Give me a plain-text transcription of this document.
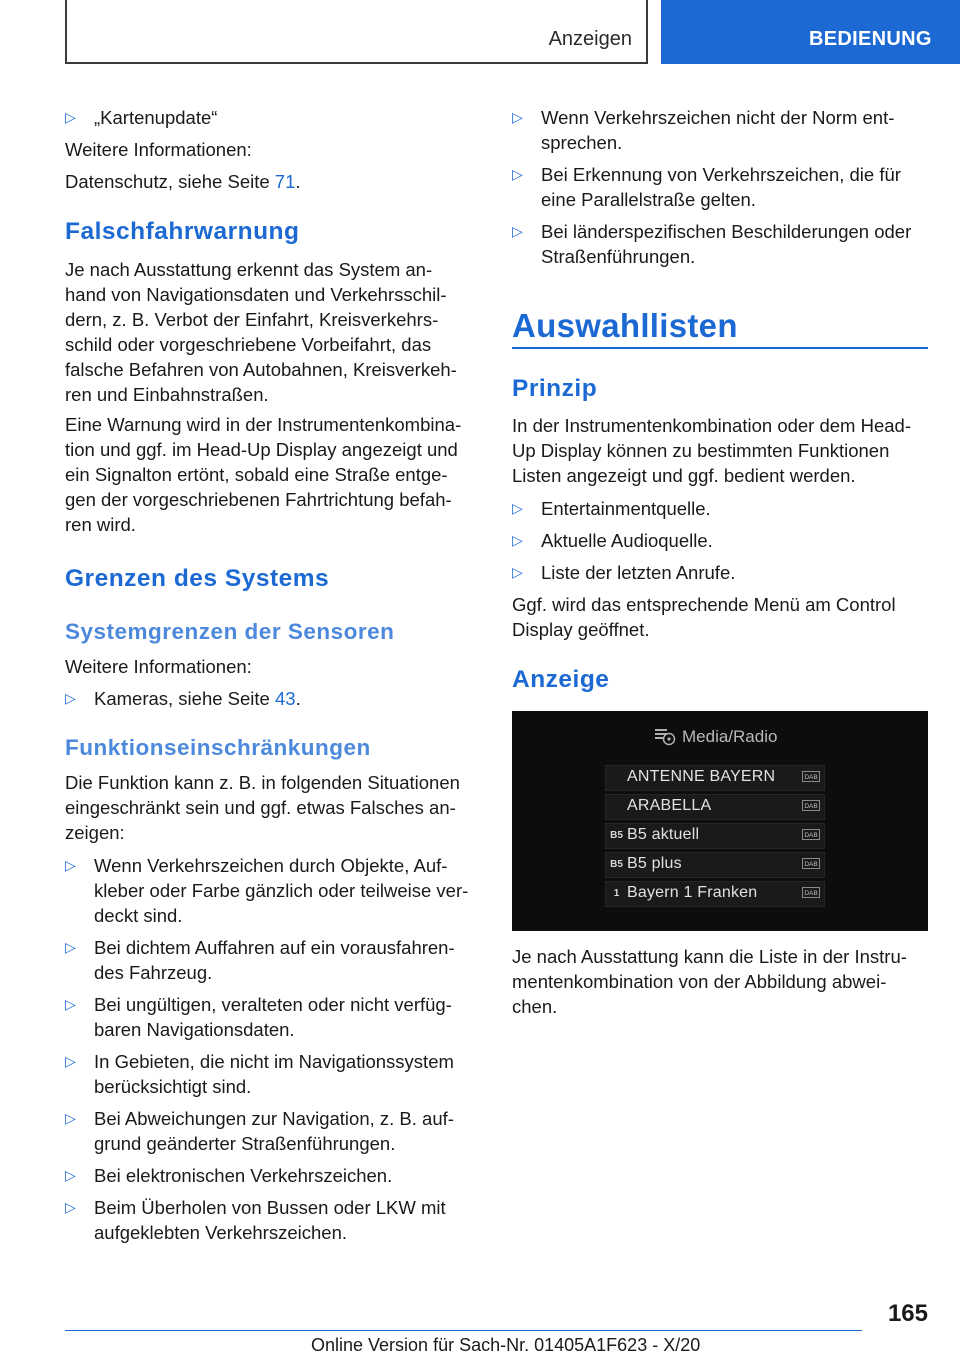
Anzeigen	BEDIENUNG
▷ „Kartenupdate“

Weitere Informationen:

Datenschutz, siehe Seite 71.

Falschfahrwarnung
Je nach Ausstattung erkennt das System an-
hand von Navigationsdaten und Verkehrsschil-
dern, z. B. Verbot der Einfahrt, Kreisverkehrs-
schild oder vorgeschriebene Vorbeifahrt, das
falsche Befahren von Autobahnen, Kreisverkeh-
ren und Einbahnstraßen.
Eine Warnung wird in der Instrumentenkombina-
tion und ggf. im Head-Up Display angezeigt und
ein Signalton ertönt, sobald eine Straße entge-
gen der vorgeschriebenen Fahrtrichtung befah-
ren wird.
Grenzen des Systems
Systemgrenzen der Sensoren

Weitere Informationen:

▷ Kameras, siehe Seite 43.
Funktionseinschränkungen
Die Funktion kann z. B. in folgenden Situationen
eingeschränkt sein und ggf. etwas Falsches an-
zeigen:
▷ Wenn Verkehrszeichen durch Objekte, Auf-
kleber oder Farbe gänzlich oder teilweise ver-
deckt sind.
▷ Bei dichtem Auffahren auf ein vorausfahren-
des Fahrzeug.
▷ Bei ungültigen, veralteten oder nicht verfüg-
baren Navigationsdaten.
▷ In Gebieten, die nicht im Navigationssystem
berücksichtigt sind.
▷ Bei Abweichungen zur Navigation, z. B. auf-
grund geänderter Straßenführungen.
▷ Bei elektronischen Verkehrszeichen.
▷ Beim Überholen von Bussen oder LKW mit
aufgeklebten Verkehrszeichen.
▷ Wenn Verkehrszeichen nicht der Norm ent-
sprechen.
▷ Bei Erkennung von Verkehrszeichen, die für
eine Parallelstraße gelten.
▷ Bei länderspezifischen Beschilderungen oder
Straßenführungen.
Auswahllisten
Prinzip
In der Instrumentenkombination oder dem Head-
Up Display können zu bestimmten Funktionen
Listen angezeigt und ggf. bedient werden.
▷ Entertainmentquelle.
▷ Aktuelle Audioquelle.
▷ Liste der letzten Anrufe.
Ggf. wird das entsprechende Menü am Control
Display geöffnet.
Anzeige
Media/Radio
ANTENNE BAYERN
ARABELLA
B5 B5 aktuell
B5 B5 plus
1 Bayern 1 Franken
DAB
DAB
DAB
DAB
DAB
Je nach Ausstattung kann die Liste in der Instru-
mentenkombination von der Abbildung abwei-
chen.
165
Online Version für Sach-Nr. 01405A1F623 - X/20
